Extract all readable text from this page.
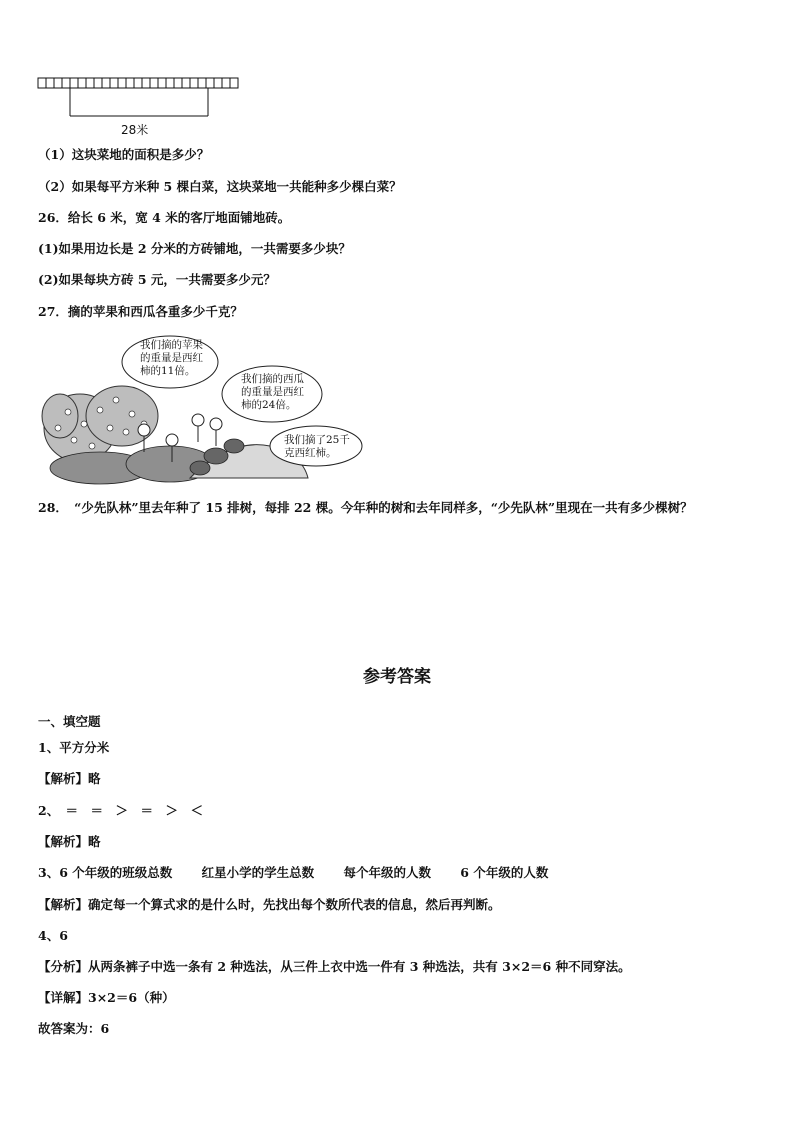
28米
（1）这块菜地的面积是多少？
（2）如果每平方米种 5 棵白菜，这块菜地一共能种多少棵白菜？
26．给长 6 米，宽 4 米的客厅地面铺地砖。
(1)如果用边长是 2 分米的方砖铺地，一共需要多少块？
(2)如果每块方砖 5 元，一共需要多少元？
27．摘的苹果和西瓜各重多少千克？
我们摘的苹果
的重量是西红
柿的11倍。
我们摘的西瓜
的重量是西红
柿的24倍。
我们摘了25千
克西红柿。
28．　“少先队林”里去年种了 15 排树，每排 22 棵。今年种的树和去年同样多，“少先队林”里现在一共有多少棵树？
参考答案
一、填空题
1、平方分米
【解析】略
2、　＝　＝　＞　＝　＞　＜
【解析】略
3、6 个年级的班级总数　　 红星小学的学生总数　　 每个年级的人数　　 6 个年级的人数
【解析】确定每一个算式求的是什么时，先找出每个数所代表的信息，然后再判断。
4、6
【分析】从两条裤子中选一条有 2 种选法，从三件上衣中选一件有 3 种选法，共有 3×2＝6 种不同穿法。
【详解】3×2＝6（种）
故答案为：6
